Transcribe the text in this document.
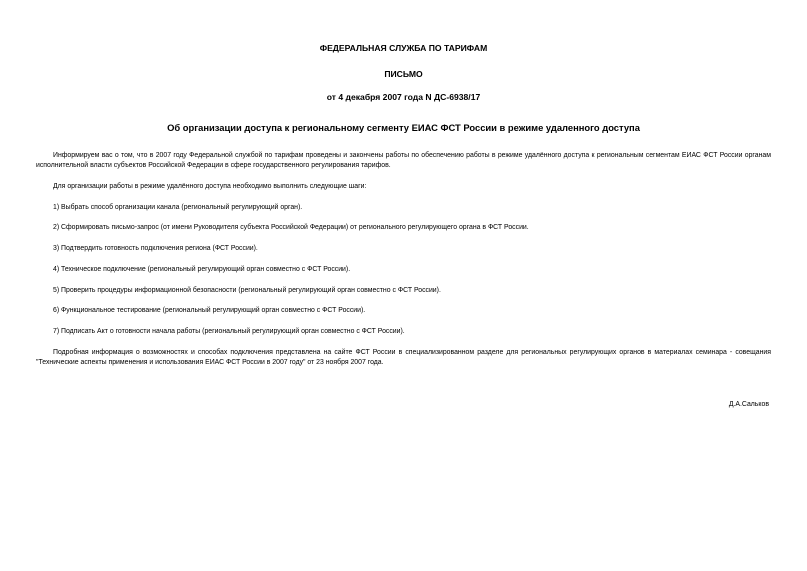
ФЕДЕРАЛЬНАЯ СЛУЖБА ПО ТАРИФАМ
ПИСЬМО
от 4 декабря 2007 года N ДС-6938/17
Об организации доступа к региональному сегменту ЕИАС ФСТ России в режиме удаленного доступа

Информируем вас о том, что в 2007 году Федеральной службой по тарифам проведены и закончены работы по обеспечению работы в режиме удалённого доступа к региональным сегментам ЕИАС ФСТ России органам исполнительной власти субъектов Российской Федерации в сфере государственного регулирования тарифов.

Для организации работы в режиме удалённого доступа необходимо выполнить следующие шаги:

1) Выбрать способ организации канала (региональный регулирующий орган).

2) Сформировать письмо-запрос (от имени Руководителя субъекта Российской Федерации) от регионального регулирующего органа в ФСТ России.

3) Подтвердить готовность подключения региона (ФСТ России).

4) Техническое подключение (региональный регулирующий орган совместно с ФСТ России).

5) Проверить процедуры информационной безопасности (региональный регулирующий орган совместно с ФСТ России).

6) Функциональное тестирование (региональный регулирующий орган совместно с ФСТ России).

7) Подписать Акт о готовности начала работы (региональный регулирующий орган совместно с ФСТ России).

Подробная информация о возможностях и способах подключения представлена на сайте ФСТ России в специализированном разделе для региональных регулирующих органов в материалах семинара - совещания "Технические аспекты применения и использования ЕИАС ФСТ России в 2007 году" от 23 ноября 2007 года.

Д.А.Сальков
